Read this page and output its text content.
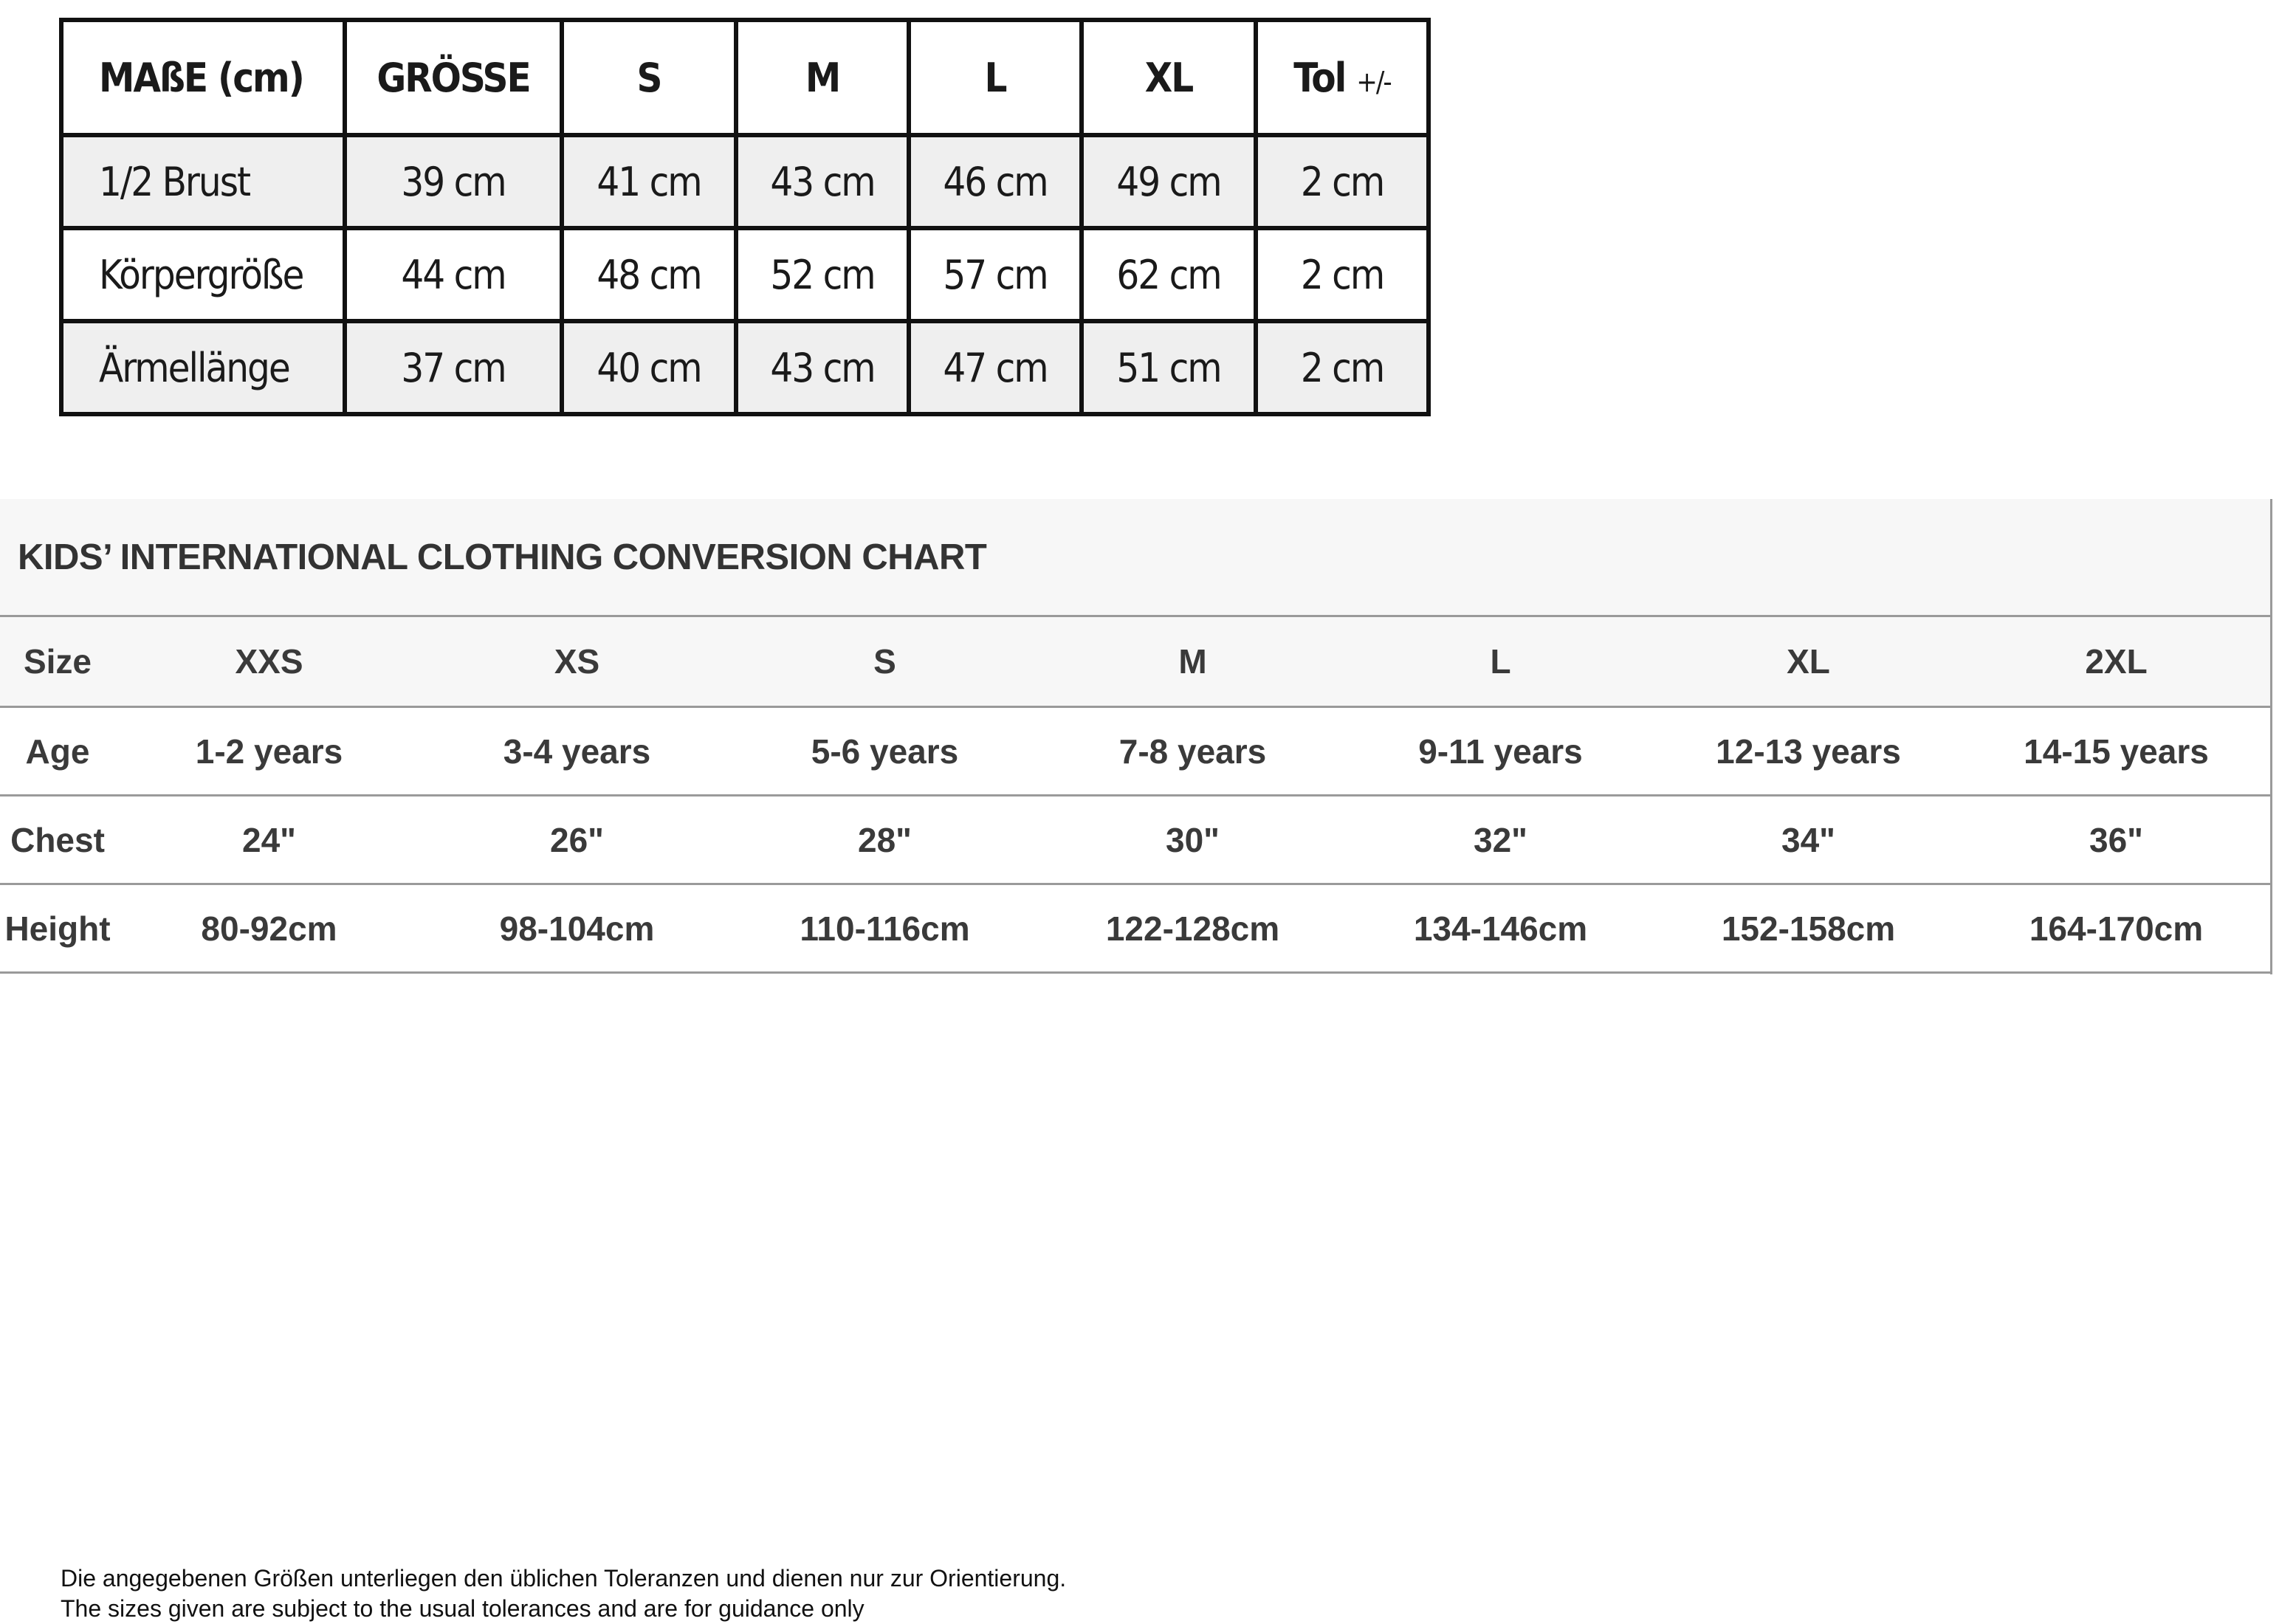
MAßE (cm)	GRÖSSE	S	M	L	XL	Tol +/-
1/2 Brust	39 cm	41 cm	43 cm	46 cm	49 cm	2 cm
Körpergröße	44 cm	48 cm	52 cm	57 cm	62 cm	2 cm
Ärmellänge	37 cm	40 cm	43 cm	47 cm	51 cm	2 cm
KIDS’ INTERNATIONAL CLOTHING CONVERSION CHART
Size	XXS	XS	S	M	L	XL	2XL
Age	1-2 years	3-4 years	5-6 years	7-8 years	9-11 years	12-13 years	14-15 years
Chest	24"	26"	28"	30"	32"	34"	36"
Height	80-92cm	98-104cm	110-116cm	122-128cm	134-146cm	152-158cm	164-170cm
Die angegebenen Größen unterliegen den üblichen Toleranzen und dienen nur zur Orientierung.
The sizes given are subject to the usual tolerances and are for guidance only
